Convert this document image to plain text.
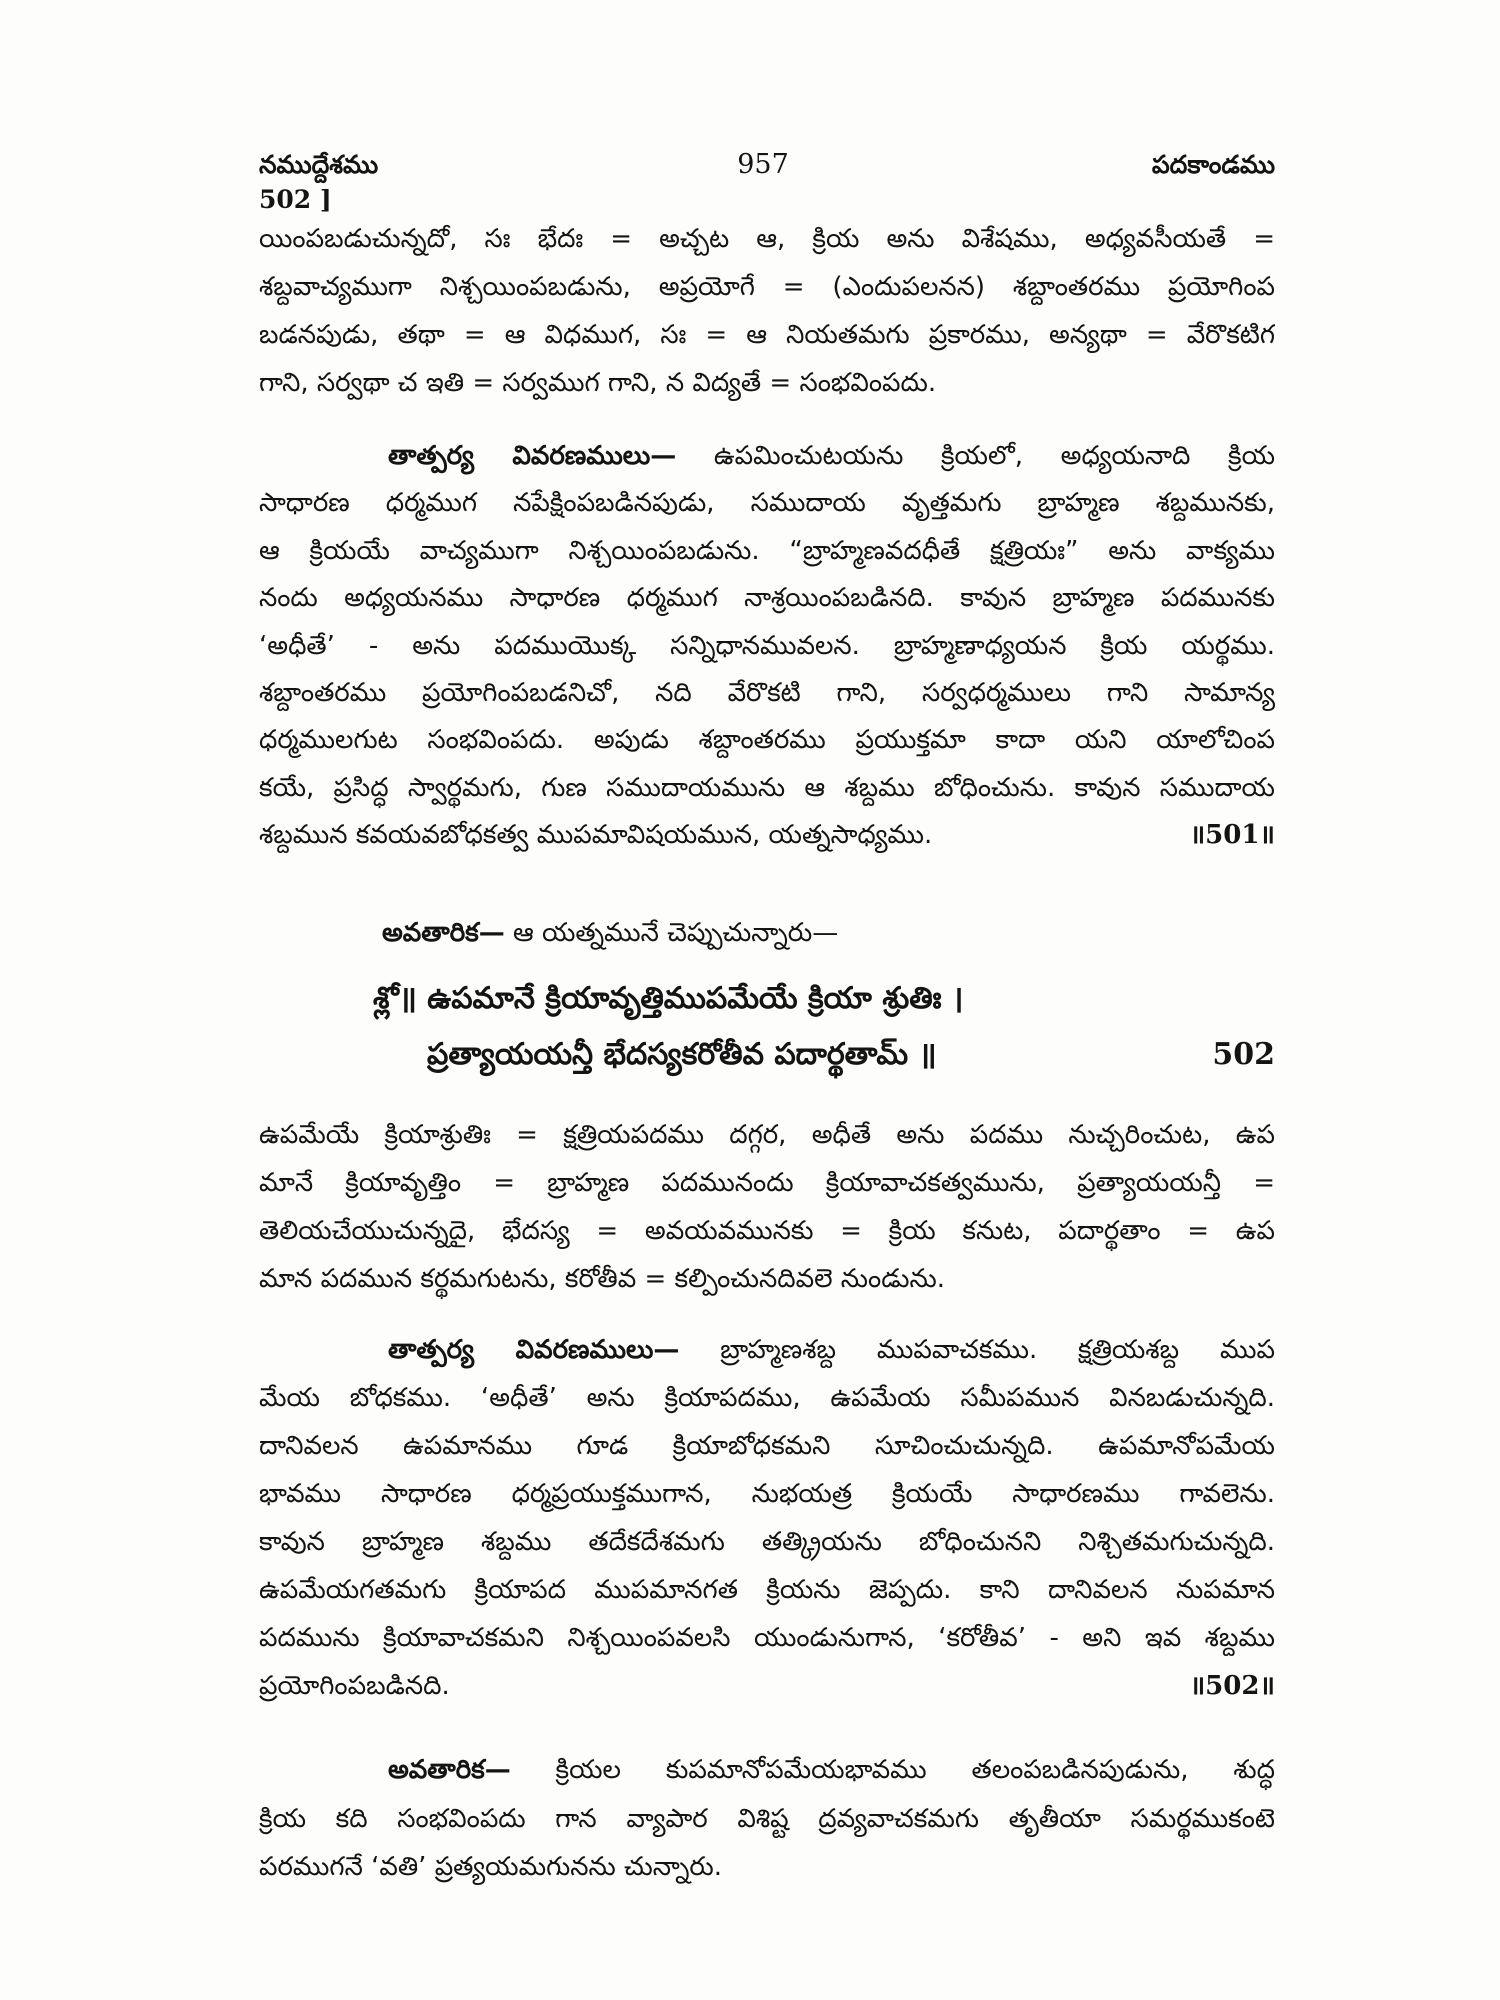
నముద్దేశము	957	పదకాండము
502 ]
యింపబడుచున్నదో, సః భేదః = అచ్చట ఆ, క్రియ అను విశేషము, అధ్యవసీయతే =
శబ్దవాచ్యముగా నిశ్చయింపబడును, అప్రయోగే = (ఎందుపలనన) శబ్దాంతరము ప్రయోగింప
బడనపుడు, తథా = ఆ విధముగ, సః = ఆ నియతమగు ప్రకారము, అన్యథా = వేరొకటిగ
గాని, సర్వథా చ ఇతి = సర్వముగ గాని, న విద్యతే = సంభవింపదు.
తాత్పర్య వివరణములు— ఉపమించుటయను క్రియలో, అధ్యయనాది క్రియ
సాధారణ ధర్మముగ నపేక్షింపబడినపుడు, సముదాయ వృత్తమగు బ్రాహ్మణ శబ్దమునకు,
ఆ క్రియయే వాచ్యముగా నిశ్చయింపబడును. “బ్రాహ్మణవదధీతే క్షత్రియః” అను వాక్యము
నందు అధ్యయనము సాధారణ ధర్మముగ నాశ్రయింపబడినది. కావున బ్రాహ్మణ పదమునకు
‘అధీతే’ - అను పదముయొక్క సన్నిధానమువలన. బ్రాహ్మణాధ్యయన క్రియ యర్థము.
శబ్దాంతరము ప్రయోగింపబడనిచో, నది వేరొకటి గాని, సర్వధర్మములు గాని సామాన్య
ధర్మములగుట సంభవింపదు. అపుడు శబ్దాంతరము ప్రయుక్తమా కాదా యని యాలోచింప
కయే, ప్రసిద్ధ స్వార్థమగు, గుణ సముదాయమును ఆ శబ్దము బోధించును. కావున సముదాయ
శబ్దమున కవయవబోధకత్వ ముపమావిషయమున, యత్నసాధ్యము.	॥501॥
అవతారిక— ఆ యత్నమునే చెప్పుచున్నారు—
శ్లో॥ ఉపమానే క్రియావృత్తిముపమేయే క్రియా శ్రుతిః ।
ప్రత్యాయయన్తీ భేదస్యకరోతీవ పదార్థతామ్ ॥	502
ఉపమేయే క్రియాశ్రుతిః = క్షత్రియపదము దగ్గర, అధీతే అను పదము నుచ్చరించుట, ఉప
మానే క్రియావృత్తిం = బ్రాహ్మణ పదమునందు క్రియావాచకత్వమును, ప్రత్యాయయన్తీ =
తెలియచేయుచున్నదై, భేదస్య = అవయవమునకు = క్రియ కనుట, పదార్థతాం = ఉప
మాన పదమున కర్థమగుటను, కరోతీవ = కల్పించునదివలె నుండును.
తాత్పర్య వివరణములు— బ్రాహ్మణశబ్ద ముపవాచకము. క్షత్రియశబ్ద ముప
మేయ బోధకము. ‘అధీతే’ అను క్రియాపదము, ఉపమేయ సమీపమున వినబడుచున్నది.
దానివలన ఉపమానము గూడ క్రియాబోధకమని సూచించుచున్నది. ఉపమానోపమేయ
భావము సాధారణ ధర్మప్రయుక్తముగాన, నుభయత్ర క్రియయే సాధారణము గావలెను.
కావున బ్రాహ్మణ శబ్దము తదేకదేశమగు తత్క్రియను బోధించునని నిశ్చితమగుచున్నది.
ఉపమేయగతమగు క్రియాపద ముపమానగత క్రియను జెప్పదు. కాని దానివలన నుపమాన
పదమును క్రియావాచకమని నిశ్చయింపవలసి యుండునుగాన, ‘కరోతీవ’ - అని ఇవ శబ్దము
ప్రయోగింపబడినది.	॥502॥
అవతారిక— క్రియల కుపమానోపమేయభావము తలంపబడినపుడును, శుద్ధ
క్రియ కది సంభవింపదు గాన వ్యాపార విశిష్ట ద్రవ్యవాచకమగు తృతీయా సమర్థముకంటె
పరముగనే ‘వతి’ ప్రత్యయమగునను చున్నారు.
